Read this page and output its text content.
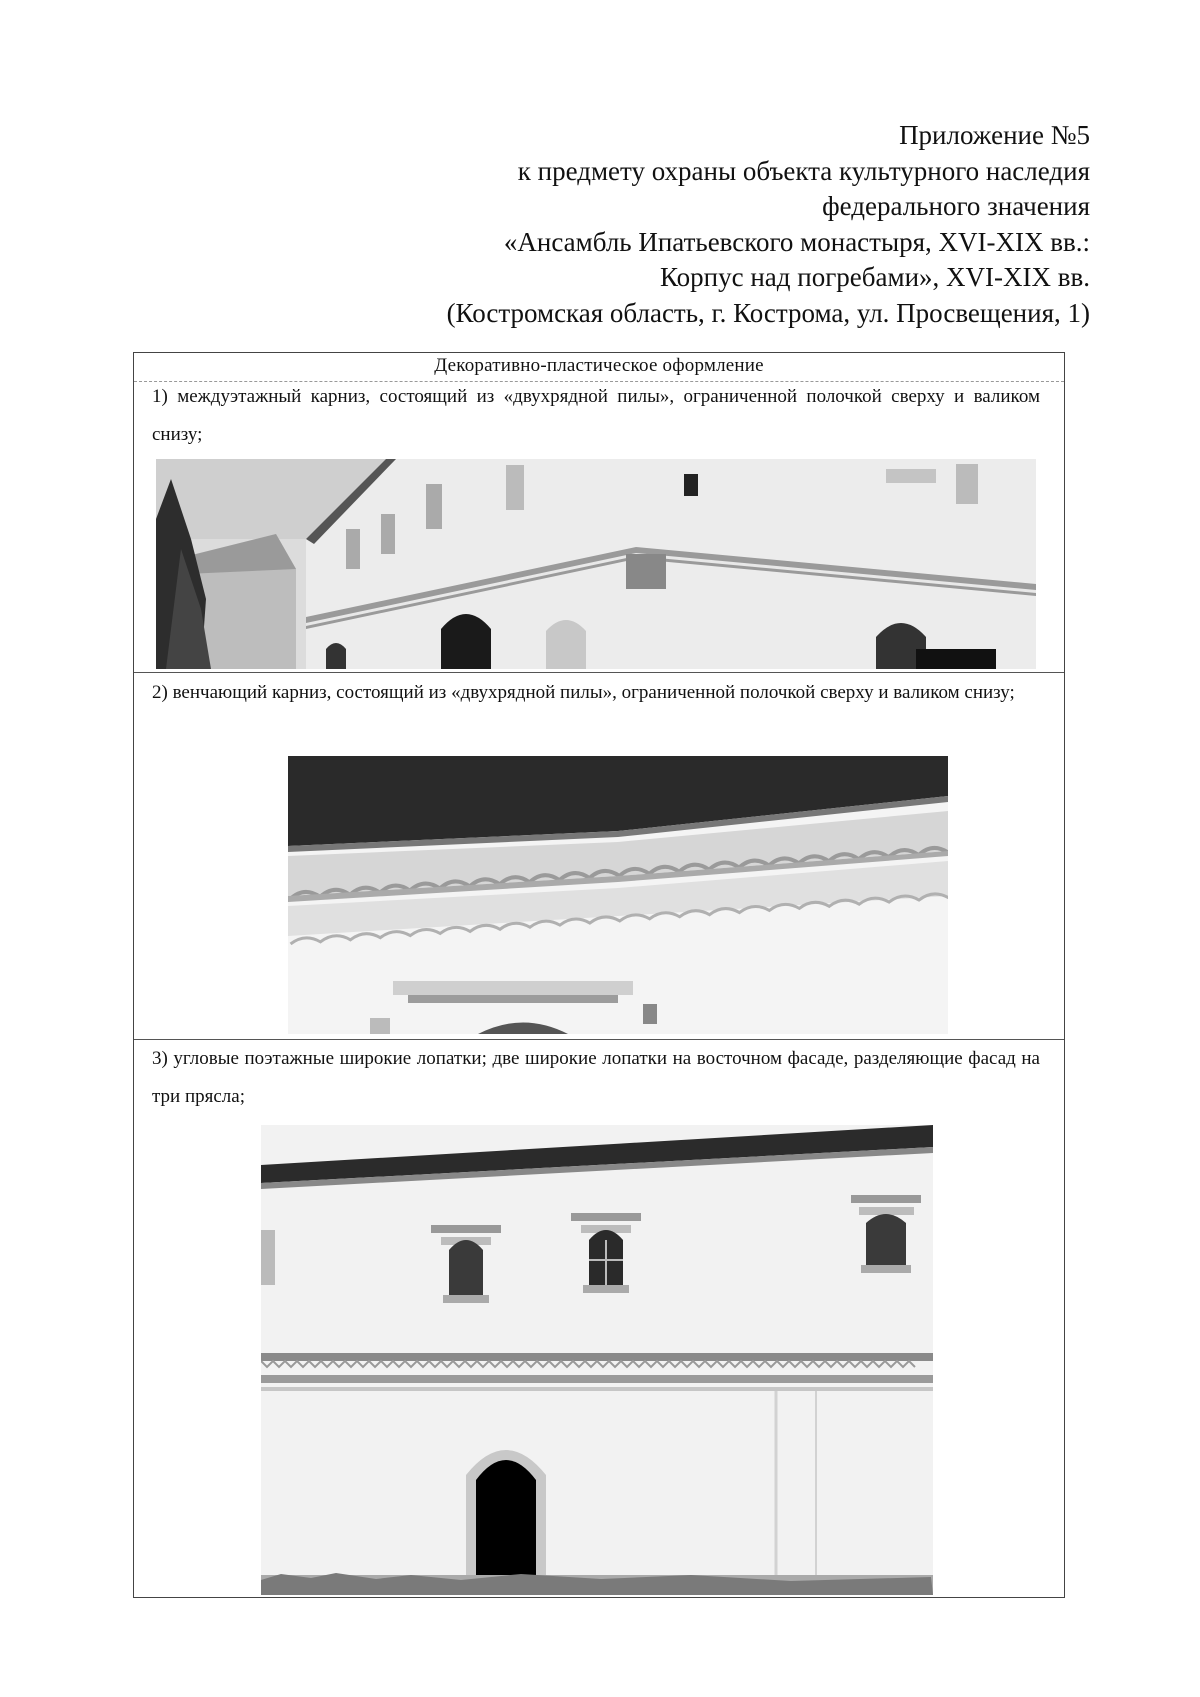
Приложение №5
к предмету охраны объекта культурного наследия
федерального значения
«Ансамбль Ипатьевского монастыря, XVI-XIX вв.:
Корпус над погребами», XVI-XIX вв.
(Костромская область, г. Кострома, ул. Просвещения, 1)
Декоративно-пластическое оформление
1) междуэтажный карниз, состоящий из «двухрядной пилы», ограниченной полочкой сверху и валиком снизу;
2) венчающий карниз, состоящий из «двухрядной пилы», ограниченной полочкой сверху и валиком снизу;
3) угловые поэтажные широкие лопатки; две широкие лопатки на восточном фасаде, разделяющие фасад на три прясла;
